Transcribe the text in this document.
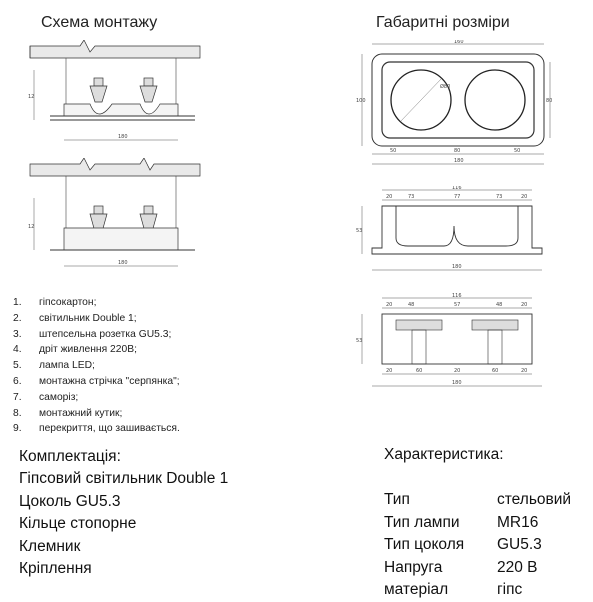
Схема монтажу	Габаритні розміри
180
12
180
12
160
Ø80
100	80
50	80	50
180
116
20	73	77	73	20
53
180
116
20	48	57	48	20
53
20	60	20	60	20
180
1.	гіпсокартон;
2.	світильник Double 1;
3.	штепсельна розетка GU5.3;
4.	дріт живлення 220В;
5.	лампа LED;
6.	монтажна стрічка "серпянка";
7.	саморіз;
8.	монтажний кутик;
9.	перекриття, що зашивається.
Комплектація:
Гіпсовий світильник Double 1
Цоколь GU5.3
Кільце стопорне
Клемник
Кріплення
Характеристика:
Тип	стельовий
Тип лампи	MR16
Тип цоколя	GU5.3
Напруга	220 В
матеріал	гіпс
